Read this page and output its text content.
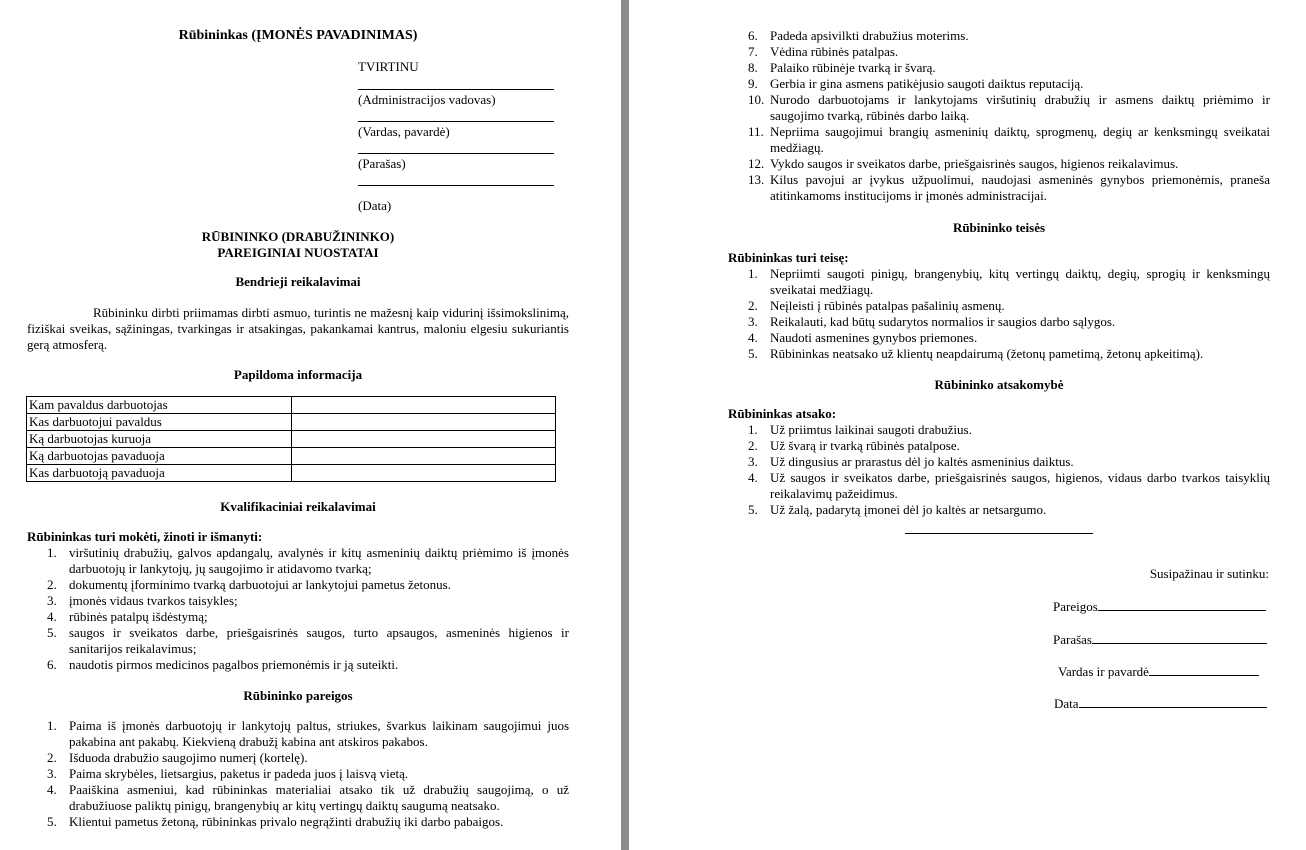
Rūbininkas (ĮMONĖS PAVADINIMAS)
TVIRTINU
(Administracijos vadovas)
(Vardas, pavardė)
(Parašas)
(Data)
RŪBININKO (DRABUŽININKO)
PAREIGINIAI NUOSTATAI
Bendrieji reikalavimai
Rūbininku dirbti priimamas dirbti asmuo, turintis ne mažesnį kaip vidurinį išsimokslinimą, fiziškai sveikas, sąžiningas, tvarkingas ir atsakingas, pakankamai kantrus, maloniu elgesiu sukuriantis gerą atmosferą.
Papildoma informacija
Kam pavaldus darbuotojas	
Kas darbuotojui pavaldus	
Ką darbuotojas kuruoja	
Ką darbuotojas pavaduoja	
Kas darbuotoją pavaduoja	
Kvalifikaciniai reikalavimai
Rūbininkas turi mokėti, žinoti ir išmanyti:
1. viršutinių drabužių, galvos apdangalų, avalynės ir kitų asmeninių daiktų priėmimo iš įmonės darbuotojų ir lankytojų, jų saugojimo ir atidavomo tvarką;
2. dokumentų įforminimo tvarką darbuotojui ar lankytojui pametus žetonus.
3. įmonės vidaus tvarkos taisykles;
4. rūbinės patalpų išdėstymą;
5. saugos ir sveikatos darbe, priešgaisrinės saugos, turto apsaugos, asmeninės higienos ir sanitarijos reikalavimus;
6. naudotis pirmos medicinos pagalbos priemonėmis ir ją suteikti.
Rūbininko pareigos
1. Paima iš įmonės darbuotojų ir lankytojų paltus, striukes, švarkus laikinam saugojimui juos pakabina ant pakabų. Kiekvieną drabužį kabina ant atskiros pakabos.
2. Išduoda drabužio saugojimo numerį (kortelę).
3. Paima skrybėles, lietsargius, paketus ir padeda juos į laisvą vietą.
4. Paaiškina asmeniui, kad rūbininkas materialiai atsako tik už drabužių saugojimą, o už drabužiuose paliktų pinigų, brangenybių ar kitų vertingų daiktų saugumą neatsako.
5. Klientui pametus žetoną, rūbininkas privalo negrąžinti drabužių iki darbo pabaigos.
6. Padeda apsivilkti drabužius moterims.
7. Vėdina rūbinės patalpas.
8. Palaiko rūbinėje tvarką ir švarą.
9. Gerbia ir gina asmens patikėjusio saugoti daiktus reputaciją.
10. Nurodo darbuotojams ir lankytojams viršutinių drabužių ir asmens daiktų priėmimo ir saugojimo tvarką, rūbinės darbo laiką.
11. Nepriima saugojimui brangių asmeninių daiktų, sprogmenų, degių ar kenksmingų sveikatai medžiagų.
12. Vykdo saugos ir sveikatos darbe, priešgaisrinės saugos, higienos reikalavimus.
13. Kilus pavojui ar įvykus užpuolimui, naudojasi asmeninės gynybos priemonėmis, praneša atitinkamoms institucijoms ir įmonės administracijai.
Rūbininko teisės
Rūbininkas turi teisę:
1. Nepriimti saugoti pinigų, brangenybių, kitų vertingų daiktų, degių, sprogių ir kenksmingų sveikatai medžiagų.
2. Neįleisti į rūbinės patalpas pašalinių asmenų.
3. Reikalauti, kad būtų sudarytos normalios ir saugios darbo sąlygos.
4. Naudoti asmenines gynybos priemones.
5. Rūbininkas neatsako už klientų neapdairumą (žetonų pametimą, žetonų apkeitimą).
Rūbininko atsakomybė
Rūbininkas atsako:
1. Už priimtus laikinai saugoti drabužius.
2. Už švarą ir tvarką rūbinės patalpose.
3. Už dingusius ar prarastus dėl jo kaltės asmeninius daiktus.
4. Už saugos ir sveikatos darbe, priešgaisrinės saugos, higienos, vidaus darbo tvarkos taisyklių reikalavimų pažeidimus.
5. Už žalą, padarytą įmonei dėl jo kaltės ar netsargumo.
Susipažinau ir sutinku:
Pareigos
Parašas
Vardas ir pavardė
Data
